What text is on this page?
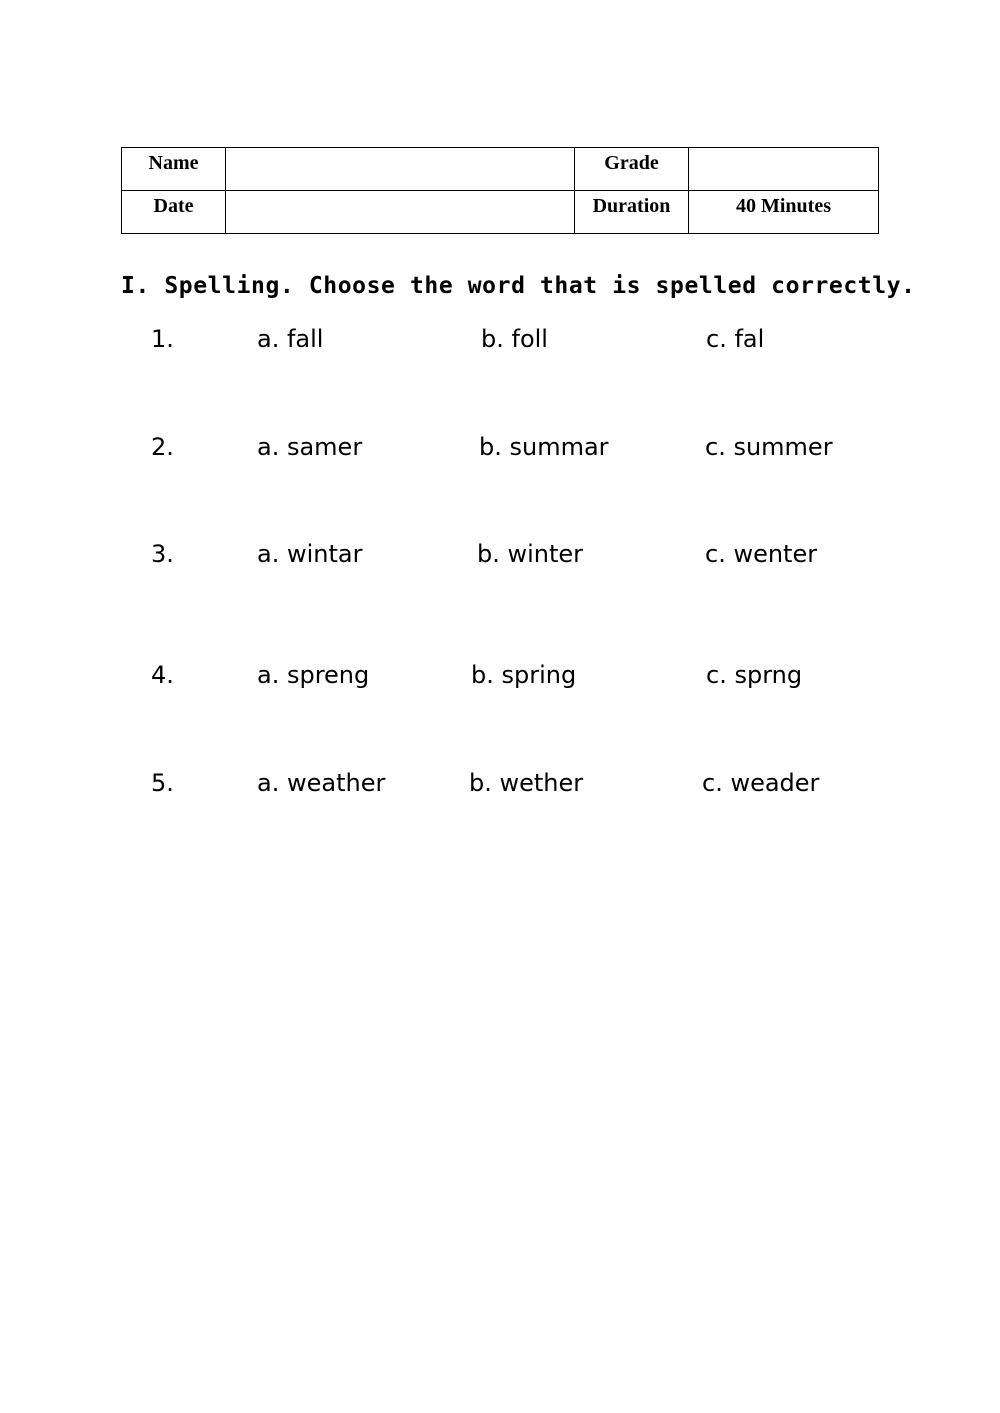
Name		Grade	
Date		Duration	40 Minutes
I. Spelling. Choose the word that is spelled correctly.
1.	a. fall	b. foll	c. fal
2.	a. samer	b. summar	c. summer
3.	a. wintar	b. winter	c. wenter
4.	a. spreng	b. spring	c. sprng
5.	a. weather	b. wether	c. weader
